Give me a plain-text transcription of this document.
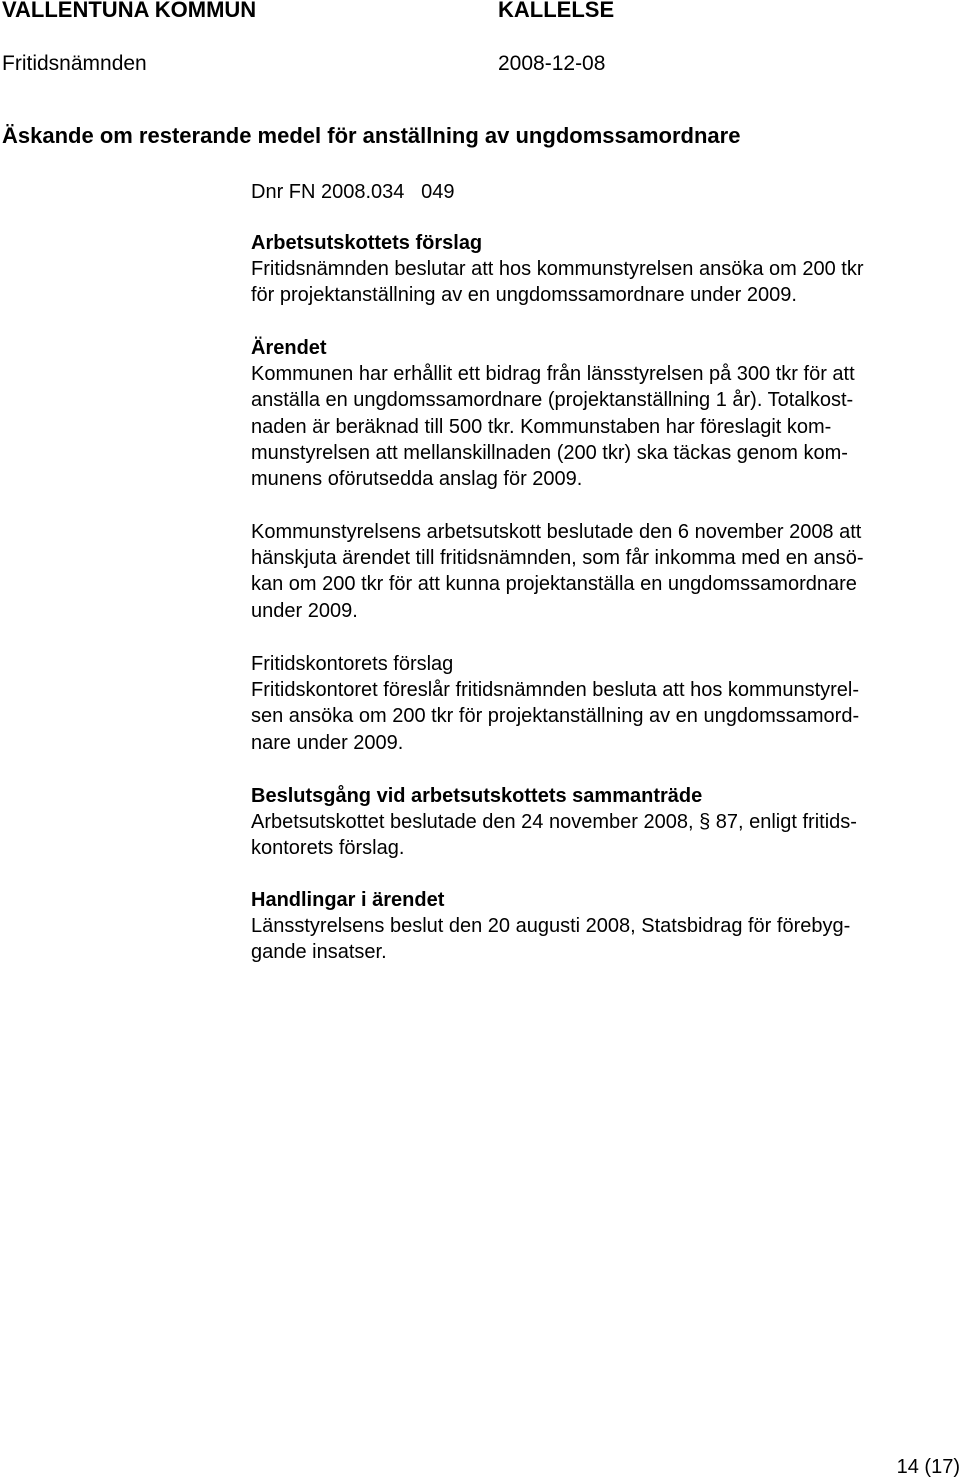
VALLENTUNA KOMMUN	KALLELSE
Fritidsnämnden	2008-12-08
Äskande om resterande medel för anställning av ungdomssamordnare
Dnr FN 2008.034   049

Arbetsutskottets förslag

Fritidsnämnden beslutar att hos kommunstyrelsen ansöka om 200 tkr

för projektanställning av en ungdomssamordnare under 2009.

Ärendet

Kommunen har erhållit ett bidrag från länsstyrelsen på 300 tkr för att

anställa en ungdomssamordnare (projektanställning 1 år). Totalkost-

naden är beräknad till 500 tkr. Kommunstaben har föreslagit kom-

munstyrelsen att mellanskillnaden (200 tkr) ska täckas genom kom-

munens oförutsedda anslag för 2009.

Kommunstyrelsens arbetsutskott beslutade den 6 november 2008 att

hänskjuta ärendet till fritidsnämnden, som får inkomma med en ansö-

kan om 200 tkr för att kunna projektanställa en ungdomssamordnare

under 2009.

Fritidskontorets förslag

Fritidskontoret föreslår fritidsnämnden besluta att hos kommunstyrel-

sen ansöka om 200 tkr för projektanställning av en ungdomssamord-

nare under 2009.

Beslutsgång vid arbetsutskottets sammanträde

Arbetsutskottet beslutade den 24 november 2008, § 87, enligt fritids-

kontorets förslag.

Handlingar i ärendet

Länsstyrelsens beslut den 20 augusti 2008, Statsbidrag för förebyg-

gande insatser.

14 (17)
